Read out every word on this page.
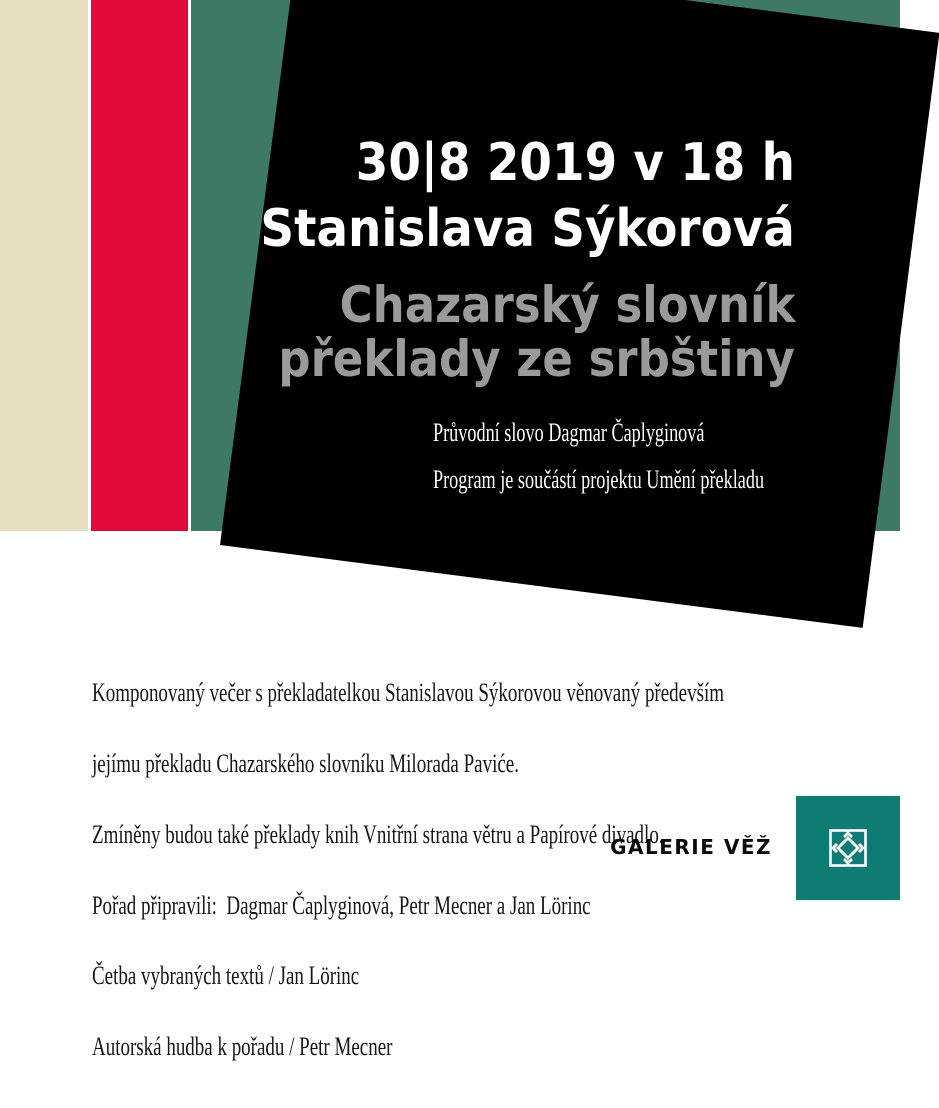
30|8 2019 v 18 h
Stanislava Sýkorová
Chazarský slovník
překlady ze srbštiny
Průvodní slovo Dagmar Čaplyginová
Program je součástí projektu Umění překladu

Komponovaný večer s překladatelkou Stanislavou Sýkorovou věnovaný především

jejímu překladu Chazarského slovníku Milorada Paviće.

Zmíněny budou také překlady knih Vnitřní strana větru a Papírové divadlo.

Pořad připravili:  Dagmar Čaplyginová, Petr Mecner a Jan Lörinc

Četba vybraných textů / Jan Lörinc

Autorská hudba k pořadu / Petr Mecner

GALERIE VĚŽ
